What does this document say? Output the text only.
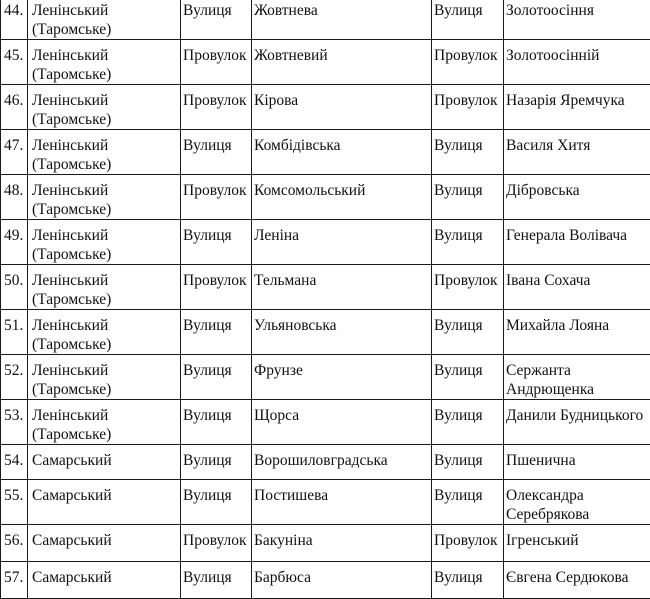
44.	Ленінський (Таромське)	Вулиця	Жовтнева	Вулиця	Золотоосіння
45.	Ленінський (Таромське)	Провулок	Жовтневий	Провулок	Золотоосінній
46.	Ленінський (Таромське)	Провулок	Кірова	Провулок	Назарія Яремчука
47.	Ленінський (Таромське)	Вулиця	Комбідівська	Вулиця	Василя Хитя
48.	Ленінський (Таромське)	Провулок	Комсомольський	Вулиця	Дібровська
49.	Ленінський (Таромське)	Вулиця	Леніна	Вулиця	Генерала Волівача
50.	Ленінський (Таромське)	Провулок	Тельмана	Провулок	Івана Сохача
51.	Ленінський (Таромське)	Вулиця	Ульяновська	Вулиця	Михайла Лояна
52.	Ленінський (Таромське)	Вулиця	Фрунзе	Вулиця	Сержанта Андрющенка
53.	Ленінський (Таромське)	Вулиця	Щорса	Вулиця	Данили Будницького
54.	Самарський	Вулиця	Ворошиловградська	Вулиця	Пшенична
55.	Самарський	Вулиця	Постишева	Вулиця	Олександра Серебрякова
56.	Самарський	Провулок	Бакуніна	Провулок	Ігренський
57.	Самарський	Вулиця	Барбюса	Вулиця	Євгена Сердюкова
